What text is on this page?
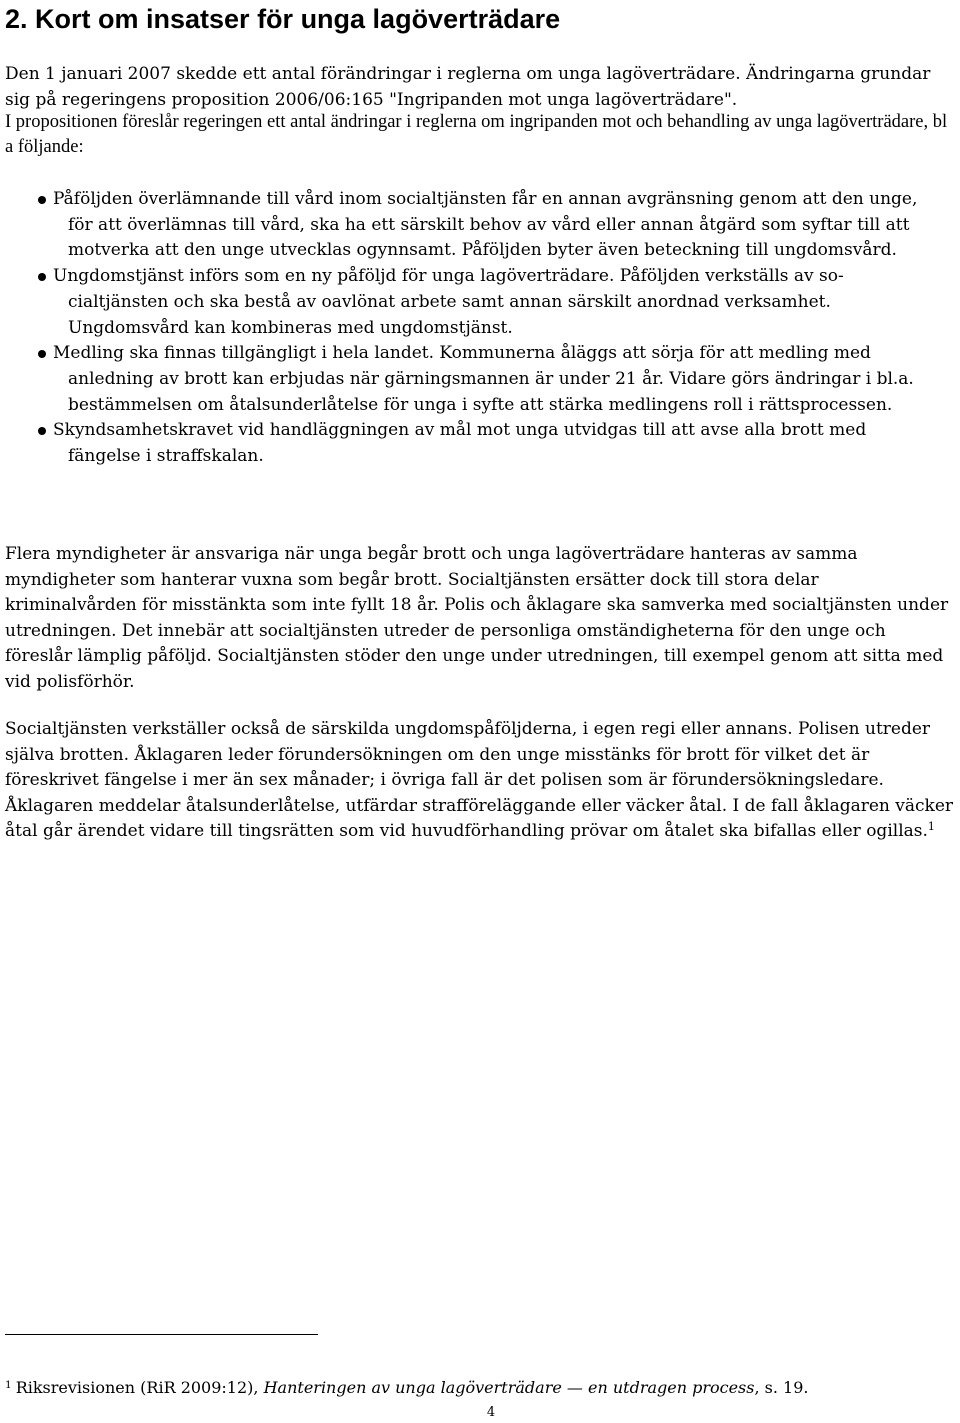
2. Kort om insatser för unga lagöverträdare

Den 1 januari 2007 skedde ett antal förändringar i reglerna om unga lagöverträdare. Ändringarna grundar sig på regeringens proposition 2006/06:165 "Ingripanden mot unga lagöverträdare".

I propositionen föreslår regeringen ett antal ändringar i reglerna om ingripanden mot och behandling av unga lagöverträdare, bl a följande:

Påföljden överlämnande till vård inom socialtjänsten får en annan avgränsning genom att den unge, för att överlämnas till vård, ska ha ett särskilt behov av vård eller annan åtgärd som syftar till att motverka att den unge utvecklas ogynnsamt. Påföljden byter även beteckning till ungdomsvård.
Ungdomstjänst införs som en ny påföljd för unga lagöverträdare. Påföljden verkställs av so- cialtjänsten och ska bestå av oavlönat arbete samt annan särskilt anordnad verksamhet. Ungdomsvård kan kombineras med ungdomstjänst.
Medling ska finnas tillgängligt i hela landet. Kommunerna åläggs att sörja för att medling med anledning av brott kan erbjudas när gärningsmannen är under 21 år. Vidare görs ändringar i bl.a. bestämmelsen om åtalsunderlåtelse för unga i syfte att stärka medlingens roll i rättsprocessen.
Skyndsamhetskravet vid handläggningen av mål mot unga utvidgas till att avse alla brott med fängelse i straffskalan.

Flera myndigheter är ansvariga när unga begår brott och unga lagöverträdare hanteras av samma myndigheter som hanterar vuxna som begår brott. Socialtjänsten ersätter dock till stora delar kriminalvården för misstänkta som inte fyllt 18 år. Polis och åklagare ska samverka med socialtjänsten under utredningen. Det innebär att socialtjänsten utreder de personliga omständigheterna för den unge och föreslår lämplig påföljd. Socialtjänsten stöder den unge under utredningen, till exempel genom att sitta med vid polisförhör.

Socialtjänsten verkställer också de särskilda ungdomspåföljderna, i egen regi eller annans. Polisen utreder själva brotten. Åklagaren leder förundersökningen om den unge misstänks för brott för vilket det är föreskrivet fängelse i mer än sex månader; i övriga fall är det polisen som är förundersökningsledare. Åklagaren meddelar åtalsunderlåtelse, utfärdar strafföreläggande eller väcker åtal. I de fall åklagaren väcker åtal går ärendet vidare till tingsrätten som vid huvudförhandling prövar om åtalet ska bifallas eller ogillas.$^1$

$^1$ Riksrevisionen (RiR 2009:12), Hanteringen av unga lagöverträdare — en utdragen process, s. 19.

4
